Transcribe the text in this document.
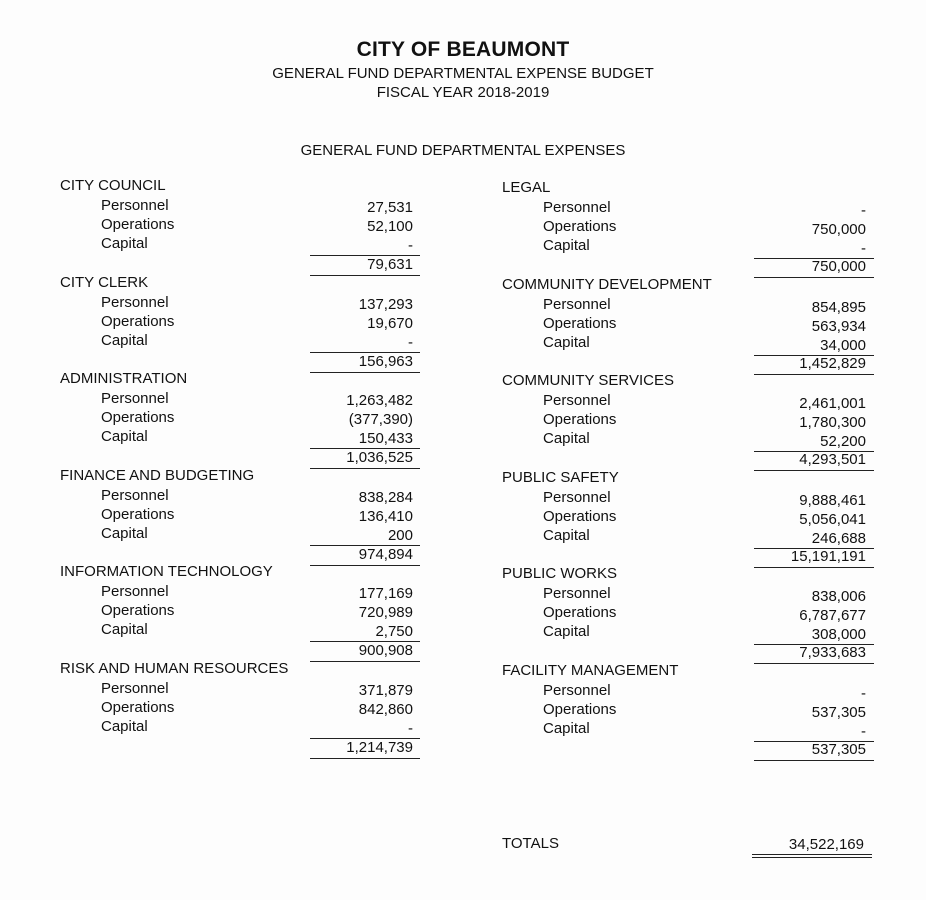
CITY OF BEAUMONT
GENERAL FUND DEPARTMENTAL EXPENSE BUDGET
FISCAL YEAR 2018-2019
GENERAL FUND DEPARTMENTAL EXPENSES
CITY COUNCIL
Personnel	27,531
Operations	52,100
Capital	-
79,631
CITY CLERK
Personnel	137,293
Operations	19,670
Capital	-
156,963
ADMINISTRATION
Personnel	1,263,482
Operations	(377,390)
Capital	150,433
1,036,525
FINANCE AND BUDGETING
Personnel	838,284
Operations	136,410
Capital	200
974,894
INFORMATION TECHNOLOGY
Personnel	177,169
Operations	720,989
Capital	2,750
900,908
RISK AND HUMAN RESOURCES
Personnel	371,879
Operations	842,860
Capital	-
1,214,739
LEGAL
Personnel	-
Operations	750,000
Capital	-
750,000
COMMUNITY DEVELOPMENT
Personnel	854,895
Operations	563,934
Capital	34,000
1,452,829
COMMUNITY SERVICES
Personnel	2,461,001
Operations	1,780,300
Capital	52,200
4,293,501
PUBLIC SAFETY
Personnel	9,888,461
Operations	5,056,041
Capital	246,688
15,191,191
PUBLIC WORKS
Personnel	838,006
Operations	6,787,677
Capital	308,000
7,933,683
FACILITY MANAGEMENT
Personnel	-
Operations	537,305
Capital	-
537,305
TOTALS	34,522,169
